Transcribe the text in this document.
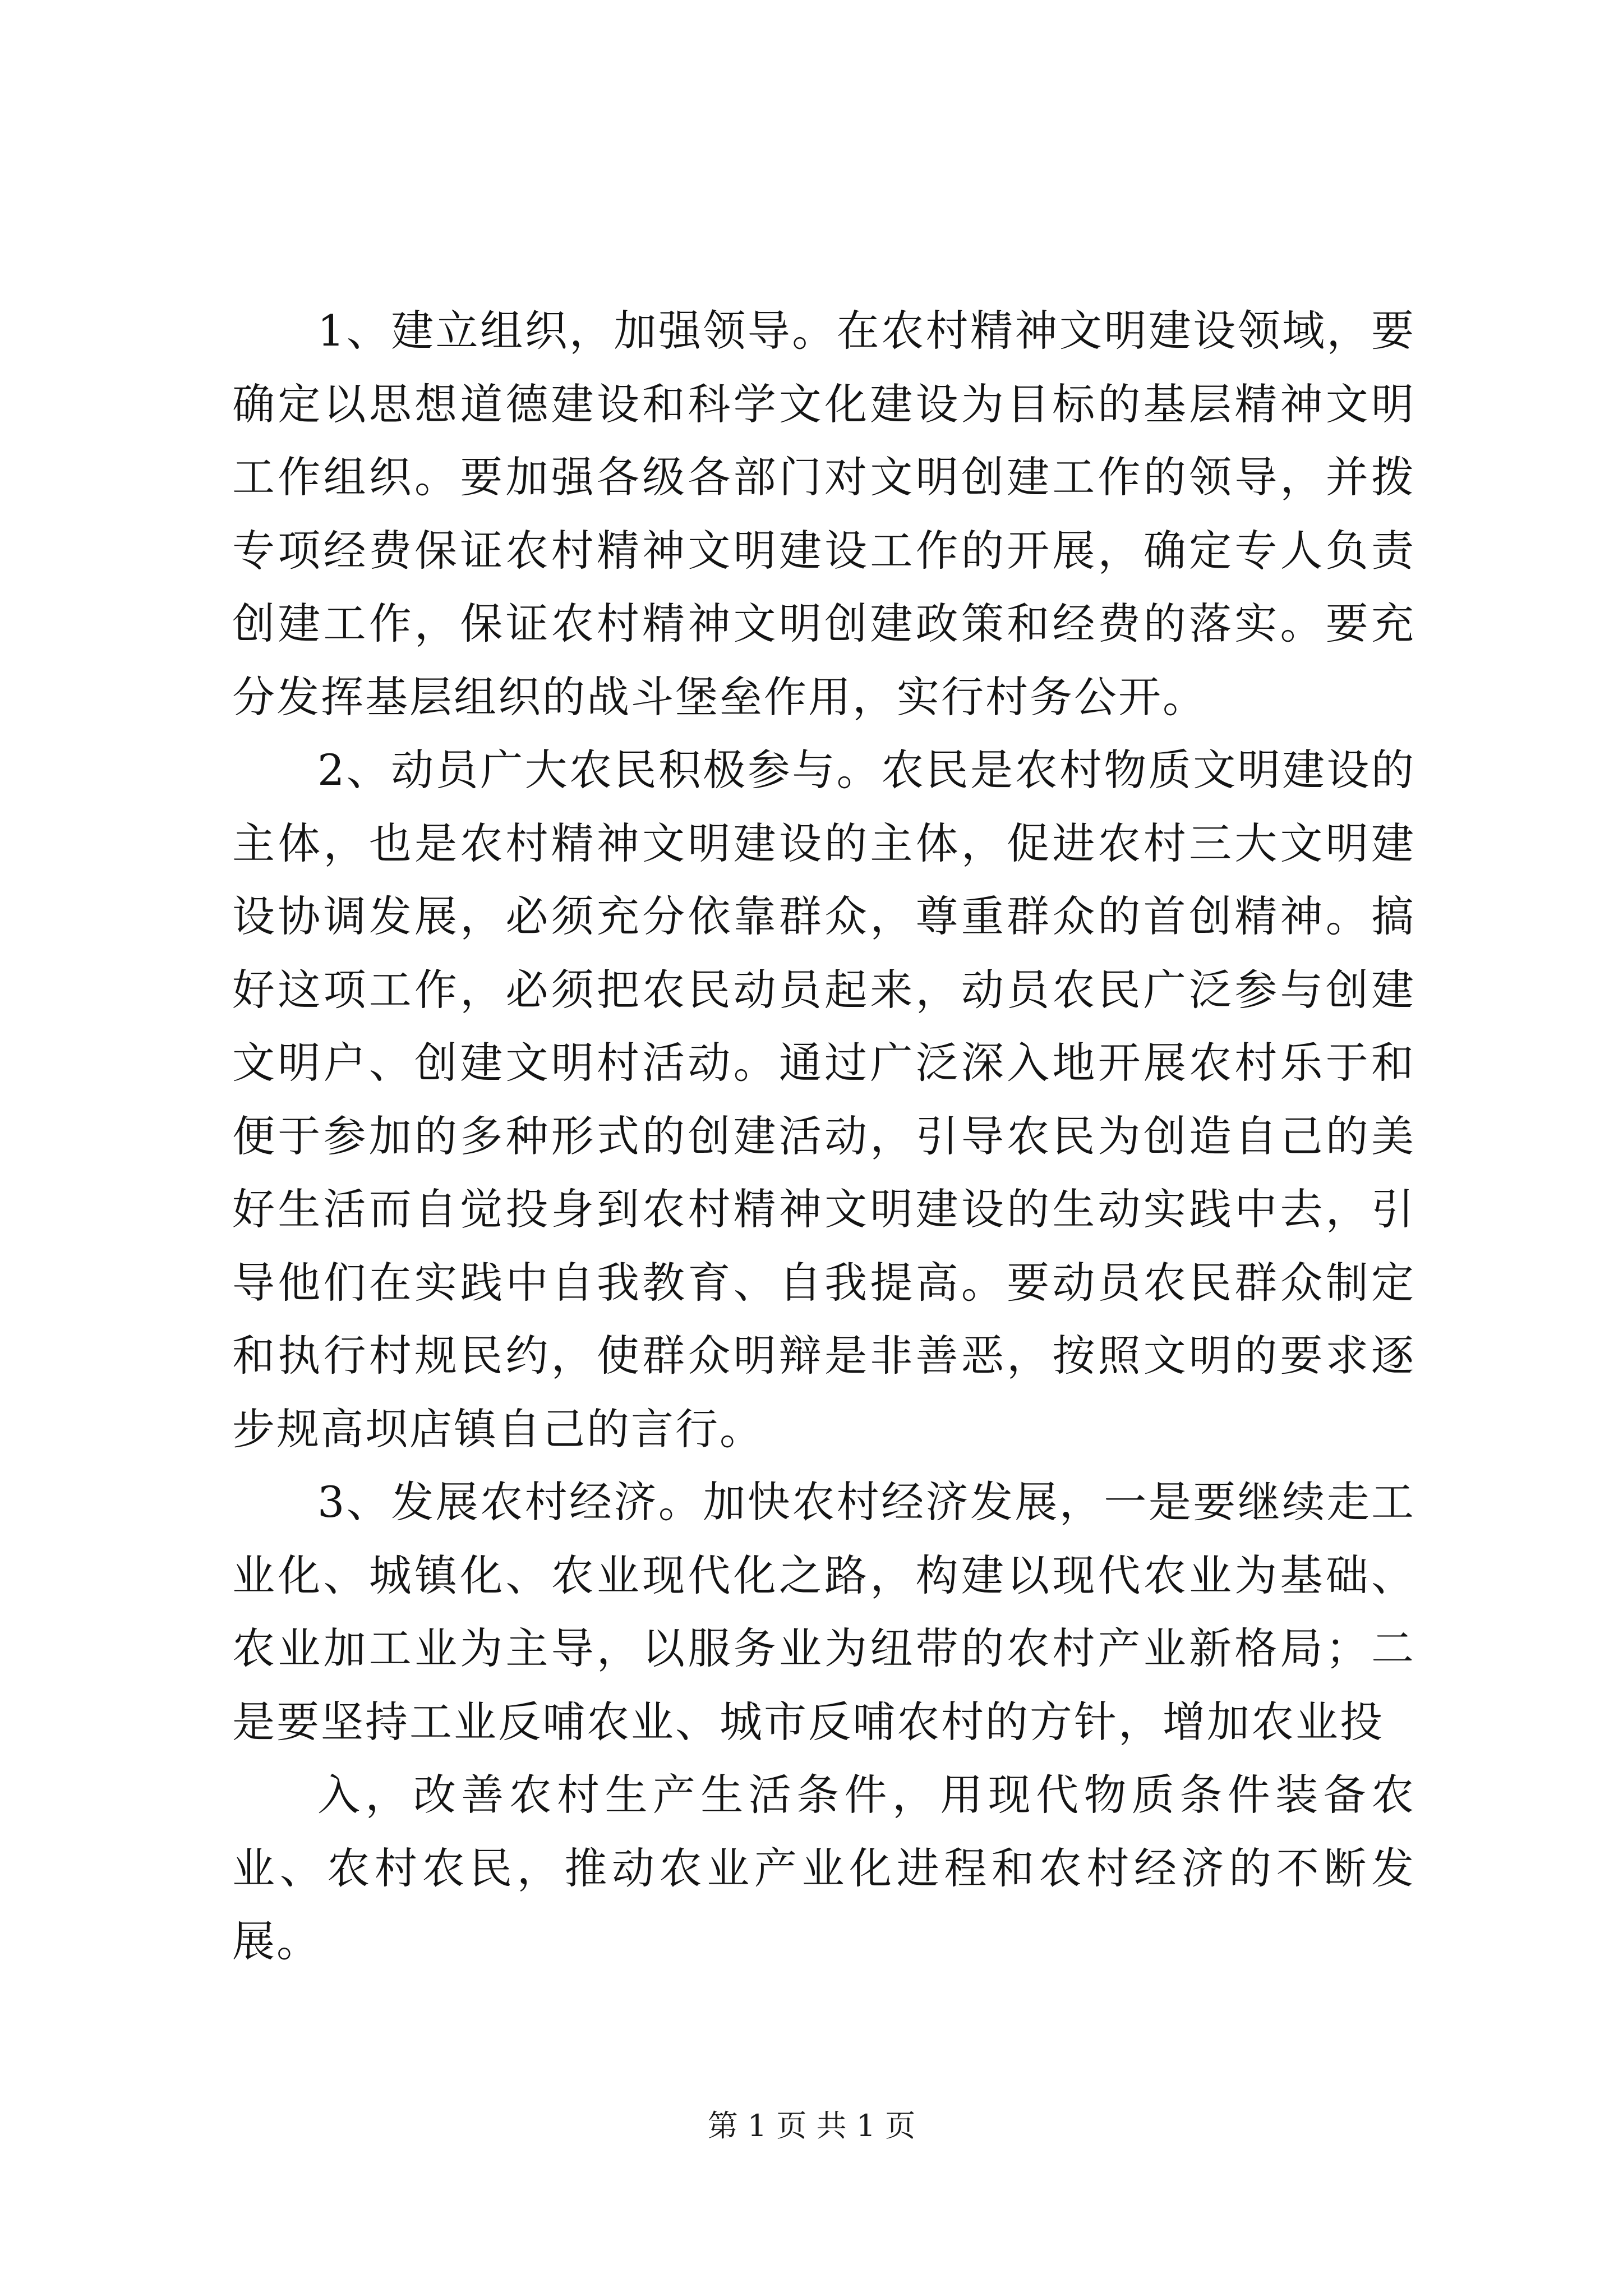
1、建立组织，加强领导。在农村精神文明建设领域，要确定以思想道德建设和科学文化建设为目标的基层精神文明工作组织。要加强各级各部门对文明创建工作的领导，并拨专项经费保证农村精神文明建设工作的开展，确定专人负责创建工作，保证农村精神文明创建政策和经费的落实。要充分发挥基层组织的战斗堡垒作用，实行村务公开。

2、动员广大农民积极参与。农民是农村物质文明建设的主体，也是农村精神文明建设的主体，促进农村三大文明建设协调发展，必须充分依靠群众，尊重群众的首创精神。搞好这项工作，必须把农民动员起来，动员农民广泛参与创建文明户、创建文明村活动。通过广泛深入地开展农村乐于和便于参加的多种形式的创建活动，引导农民为创造自己的美好生活而自觉投身到农村精神文明建设的生动实践中去，引导他们在实践中自我教育、自我提高。要动员农民群众制定和执行村规民约，使群众明辩是非善恶，按照文明的要求逐步规高坝店镇自己的言行。

3、发展农村经济。加快农村经济发展，一是要继续走工业化、城镇化、农业现代化之路，构建以现代农业为基础、农业加工业为主导，以服务业为纽带的农村产业新格局；二是要坚持工业反哺农业、城市反哺农村的方针，增加农业投

入，改善农村生产生活条件，用现代物质条件装备农业、农村农民，推动农业产业化进程和农村经济的不断发展。

第 1 页 共 1 页
